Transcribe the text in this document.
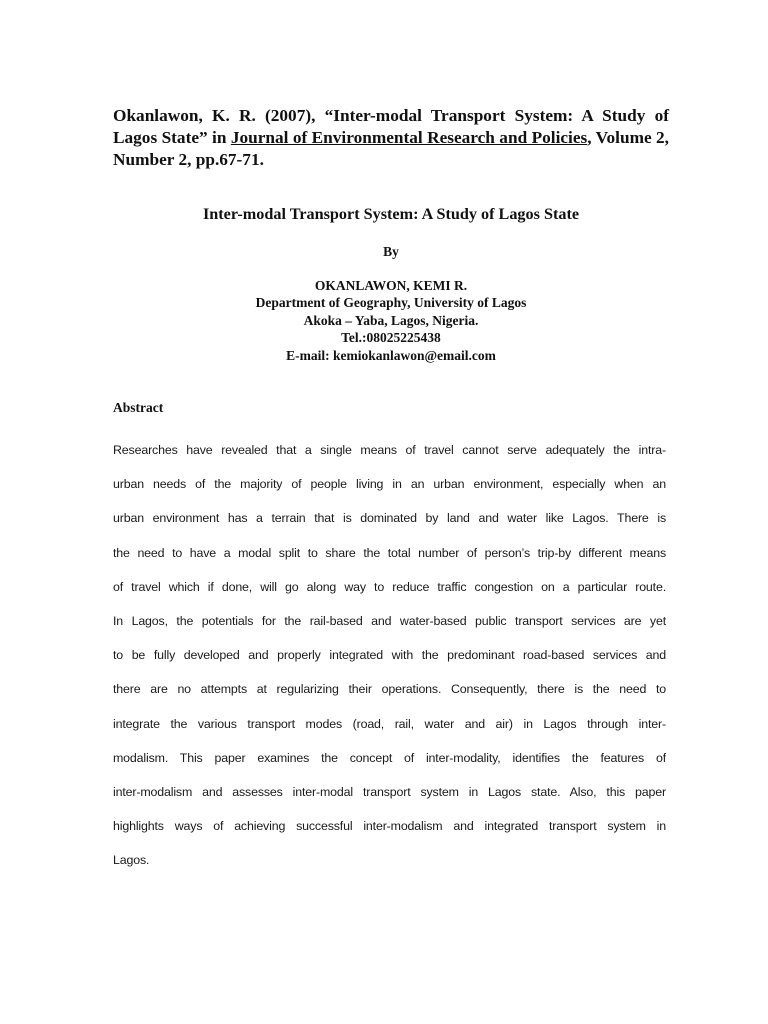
Okanlawon, K. R. (2007), “Inter-modal Transport System: A Study of Lagos State” in Journal of Environmental Research and Policies, Volume 2, Number 2, pp.67-71.
Inter-modal Transport System: A Study of Lagos State
By
OKANLAWON, KEMI R.
Department of Geography, University of Lagos
Akoka – Yaba, Lagos, Nigeria.
Tel.:08025225438
E-mail: kemiokanlawon@email.com
Abstract
Researches have revealed that a single means of travel cannot serve adequately the intra-
urban needs of the majority of people living in an urban environment, especially when an
urban environment has a terrain that is dominated by land and water like Lagos. There is
the need to have a modal split to share the total number of person’s trip-by different means
of travel which if done, will go along way to reduce traffic congestion on a particular route.
In Lagos, the potentials for the rail-based and water-based public transport services are yet
to be fully developed and properly integrated with the predominant road-based services and
there are no attempts at regularizing their operations. Consequently, there is the need to
integrate the various transport modes (road, rail, water and air) in Lagos through inter-
modalism. This paper examines the concept of inter-modality, identifies the features of
inter-modalism and assesses inter-modal transport system in Lagos state. Also, this paper
highlights ways of achieving successful inter-modalism and integrated transport system in
Lagos.
